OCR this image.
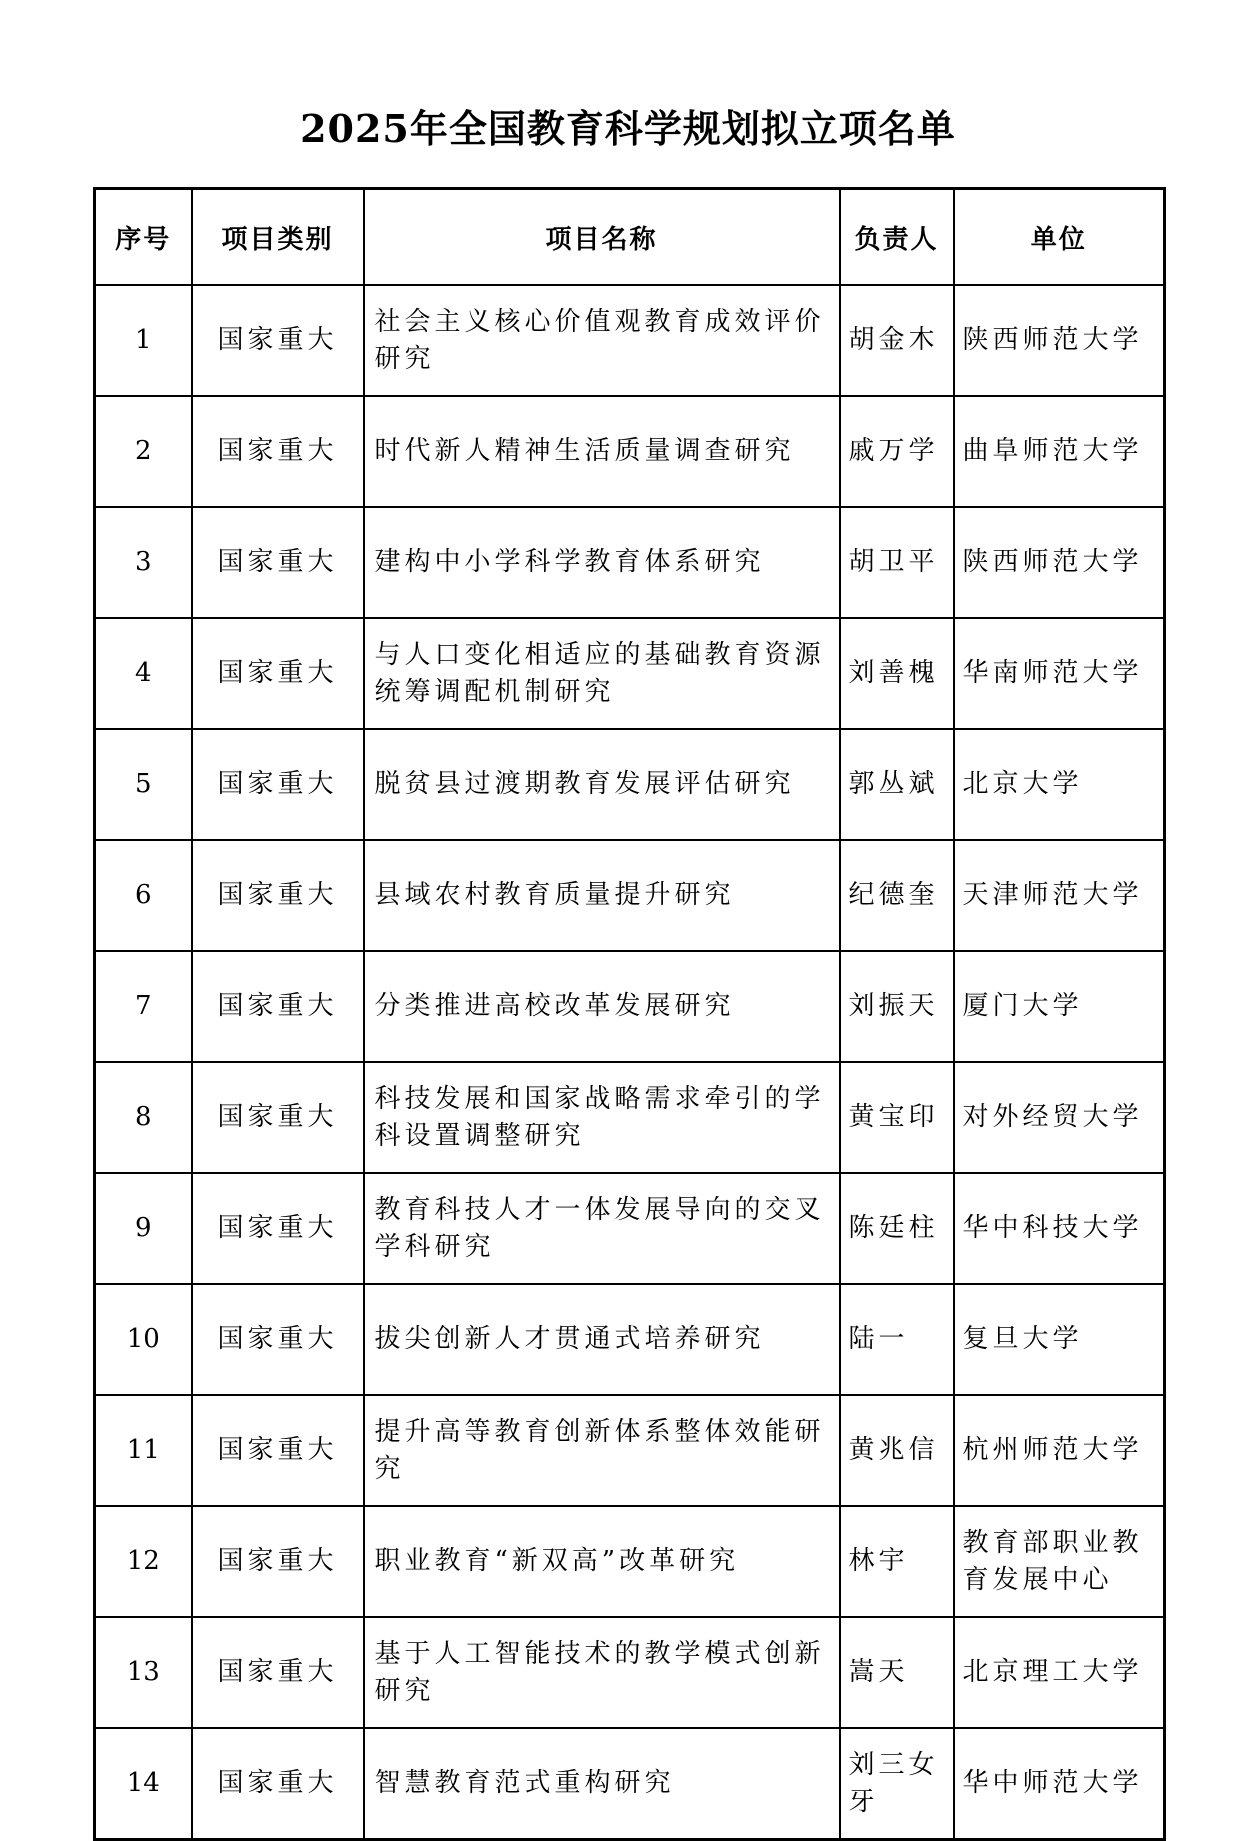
2025年全国教育科学规划拟立项名单
序号	项目类别	项目名称	负责人	单位
1	国家重大	社会主义核心价值观教育成效评价研究	胡金木	陕西师范大学
2	国家重大	时代新人精神生活质量调查研究	戚万学	曲阜师范大学
3	国家重大	建构中小学科学教育体系研究	胡卫平	陕西师范大学
4	国家重大	与人口变化相适应的基础教育资源统筹调配机制研究	刘善槐	华南师范大学
5	国家重大	脱贫县过渡期教育发展评估研究	郭丛斌	北京大学
6	国家重大	县域农村教育质量提升研究	纪德奎	天津师范大学
7	国家重大	分类推进高校改革发展研究	刘振天	厦门大学
8	国家重大	科技发展和国家战略需求牵引的学科设置调整研究	黄宝印	对外经贸大学
9	国家重大	教育科技人才一体发展导向的交叉学科研究	陈廷柱	华中科技大学
10	国家重大	拔尖创新人才贯通式培养研究	陆一	复旦大学
11	国家重大	提升高等教育创新体系整体效能研究	黄兆信	杭州师范大学
12	国家重大	职业教育“新双高”改革研究	林宇	教育部职业教育发展中心
13	国家重大	基于人工智能技术的教学模式创新研究	嵩天	北京理工大学
14	国家重大	智慧教育范式重构研究	刘三女牙	华中师范大学
